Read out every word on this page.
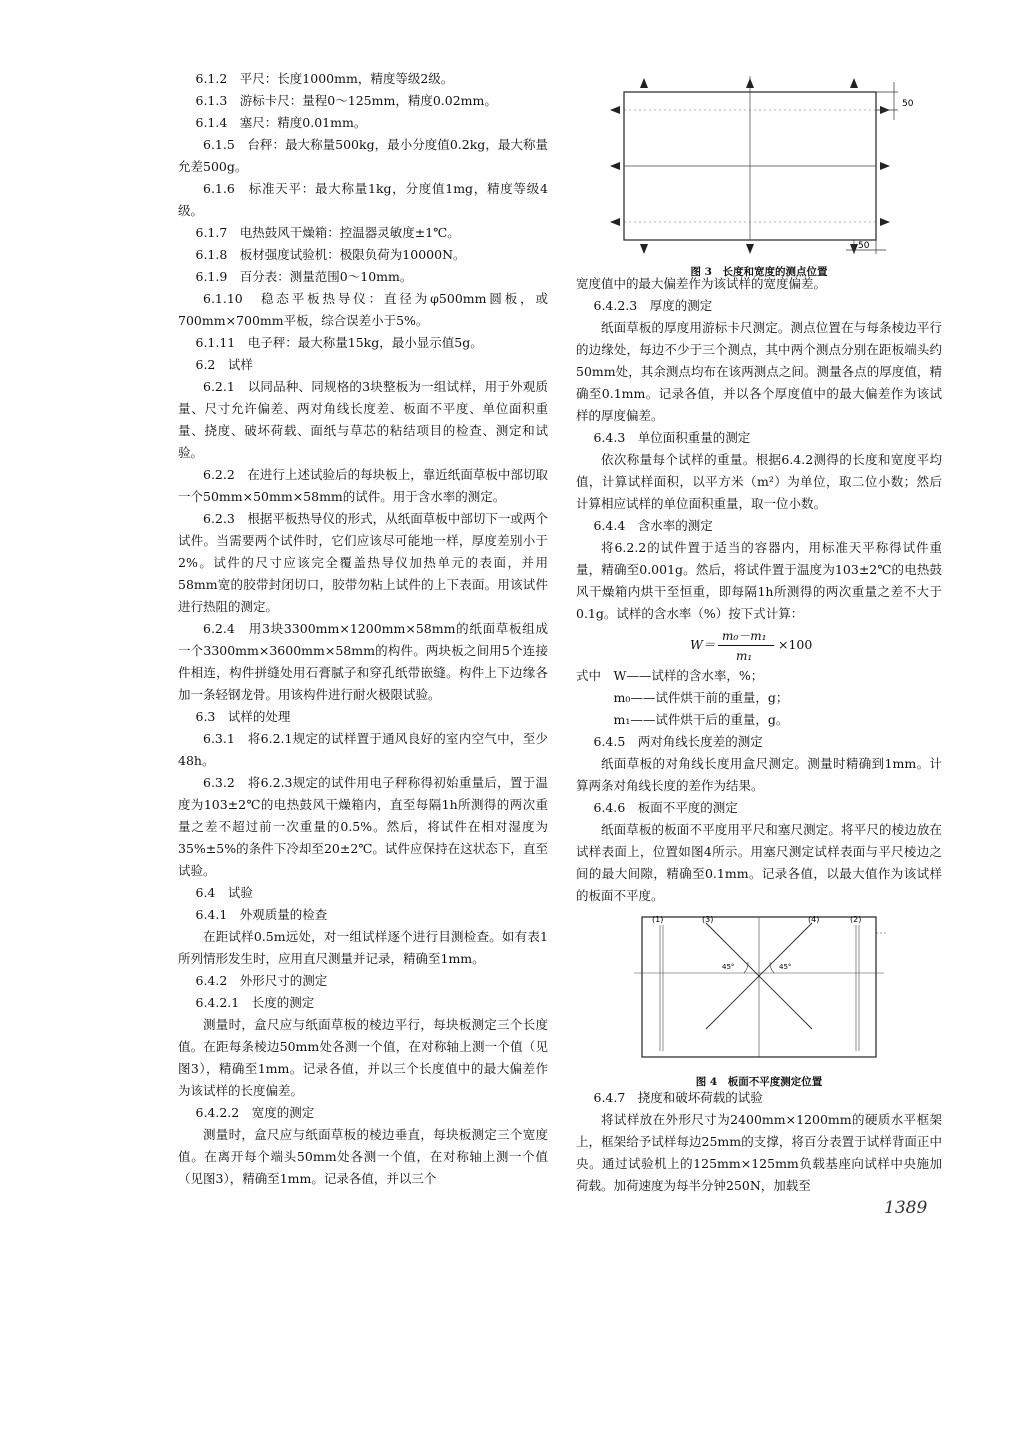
6.1.2　平尺：长度1000mm，精度等级2级。

6.1.3　游标卡尺：量程0～125mm，精度0.02mm。

6.1.4　塞尺：精度0.01mm。

6.1.5　台秤：最大称量500kg，最小分度值0.2kg，最大称量允差500g。

6.1.6　标准天平：最大称量1kg，分度值1mg，精度等级4级。

6.1.7　电热鼓风干燥箱：控温器灵敏度±1℃。

6.1.8　板材强度试验机：极限负荷为10000N。

6.1.9　百分表：测量范围0～10mm。

6.1.10　稳态平板热导仪：直径为φ500mm圆板，或700mm×700mm平板，综合误差小于5%。

6.1.11　电子秤：最大称量15kg，最小显示值5g。

6.2　试样

6.2.1　以同品种、同规格的3块整板为一组试样，用于外观质量、尺寸允许偏差、两对角线长度差、板面不平度、单位面积重量、挠度、破坏荷载、面纸与草芯的粘结项目的检查、测定和试验。

6.2.2　在进行上述试验后的每块板上，靠近纸面草板中部切取一个50mm×50mm×58mm的试件。用于含水率的测定。

6.2.3　根据平板热导仪的形式，从纸面草板中部切下一或两个试件。当需要两个试件时，它们应该尽可能地一样，厚度差别小于2%。试件的尺寸应该完全覆盖热导仪加热单元的表面，并用58mm宽的胶带封闭切口，胶带勿粘上试件的上下表面。用该试件进行热阻的测定。

6.2.4　用3块3300mm×1200mm×58mm的纸面草板组成一个3300mm×3600mm×58mm的构件。两块板之间用5个连接件相连，构件拼缝处用石膏腻子和穿孔纸带嵌缝。构件上下边缘各加一条轻钢龙骨。用该构件进行耐火极限试验。

6.3　试样的处理

6.3.1　将6.2.1规定的试样置于通风良好的室内空气中，至少48h。

6.3.2　将6.2.3规定的试件用电子秤称得初始重量后，置于温度为103±2℃的电热鼓风干燥箱内，直至每隔1h所测得的两次重量之差不超过前一次重量的0.5%。然后，将试件在相对湿度为35%±5%的条件下冷却至20±2℃。试件应保持在这状态下，直至试验。

6.4　试验

6.4.1　外观质量的检查

在距试样0.5m远处，对一组试样逐个进行目测检查。如有表1所列情形发生时，应用直尺测量并记录，精确至1mm。

6.4.2　外形尺寸的测定

6.4.2.1　长度的测定

测量时，盒尺应与纸面草板的棱边平行，每块板测定三个长度值。在距每条棱边50mm处各测一个值，在对称轴上测一个值（见图3），精确至1mm。记录各值，并以三个长度值中的最大偏差作为该试样的长度偏差。

6.4.2.2　宽度的测定

测量时，盒尺应与纸面草板的棱边垂直，每块板测定三个宽度值。在离开每个端头50mm处各测一个值，在对称轴上测一个值（见图3），精确至1mm。记录各值，并以三个

50
50
图 3　长度和宽度的测点位置

宽度值中的最大偏差作为该试样的宽度偏差。

6.4.2.3　厚度的测定

纸面草板的厚度用游标卡尺测定。测点位置在与每条棱边平行的边缘处，每边不少于三个测点，其中两个测点分别在距板端头约50mm处，其余测点均布在该两测点之间。测量各点的厚度值，精确至0.1mm。记录各值，并以各个厚度值中的最大偏差作为该试样的厚度偏差。

6.4.3　单位面积重量的测定

依次称量每个试样的重量。根据6.4.2测得的长度和宽度平均值，计算试样面积，以平方米（m²）为单位，取二位小数；然后计算相应试样的单位面积重量，取一位小数。

6.4.4　含水率的测定

将6.2.2的试件置于适当的容器内，用标准天平称得试件重量，精确至0.001g。然后，将试件置于温度为103±2℃的电热鼓风干燥箱内烘干至恒重，即每隔1h所测得的两次重量之差不大于0.1g。试样的含水率（%）按下式计算：

W＝
m₀－m₁
m₁
×100

式中　W——试样的含水率，%；

　　　m₀——试件烘干前的重量，g；

　　　m₁——试件烘干后的重量，g。

6.4.5　两对角线长度差的测定

纸面草板的对角线长度用盒尺测定。测量时精确到1mm。计算两条对角线长度的差作为结果。

6.4.6　板面不平度的测定

纸面草板的板面不平度用平尺和塞尺测定。将平尺的棱边放在试样表面上，位置如图4所示。用塞尺测定试样表面与平尺棱边之间的最大间隙，精确至0.1mm。记录各值，以最大值作为该试样的板面不平度。

(1)	(3)	(4)	(2)
45°	45°
图 4　板面不平度测定位置

6.4.7　挠度和破坏荷载的试验

将试样放在外形尺寸为2400mm×1200mm的硬质水平框架上，框架给予试样每边25mm的支撑，将百分表置于试样背面正中央。通过试验机上的125mm×125mm负载基座向试样中央施加荷载。加荷速度为每半分钟250N，加载至

1389
